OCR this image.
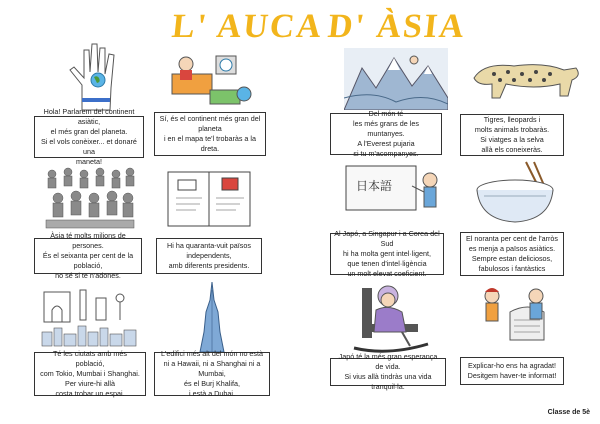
L' AUCA D' ÀSIA
Hola! Parlarem del continent asiàtic,
el més gran del planeta.
Si el vols conèixer... et donaré una
maneta!
Sí, és el continent més gran del
planeta
i en el mapa te'l trobaràs a la dreta.
Del món té
les més grans de les muntanyes.
A l'Everest pujaria
si tu m'acompanyes.
Tigres, lleopards i
molts animals trobaràs.
Si viatges a la selva
allà els coneixeràs.
日本語
Àsia té molts milions de persones.
És el seixanta per cent de la població,
no sé si te n'adones.
Hi ha quaranta-vuit països
independents,
amb diferents presidents.
Al Japó, a Singapur i a Corea del Sud
hi ha molta gent intel·ligent,
que tenen d'intel·ligència
un molt elevat coeficient.
El noranta per cent de l'arròs
es menja a països asiàtics.
Sempre estan deliciosos,
fabulosos i fantàstics
Té les ciutats amb més població,
com Tokio, Mumbai i Shanghai.
Per viure-hi allà
costa trobar un espai.
L'edifici més alt del món no està
ni a Hawaii, ni a Shanghai ni a Mumbai,
és el Burj Khalifa,
i està a Dubai.
Japó té la més gran esperança de vida.
Si vius allà tindràs una vida tranquil·la.
Explicar-ho ens ha agradat!
Desitgem haver-te informat!
Classe de 5è
